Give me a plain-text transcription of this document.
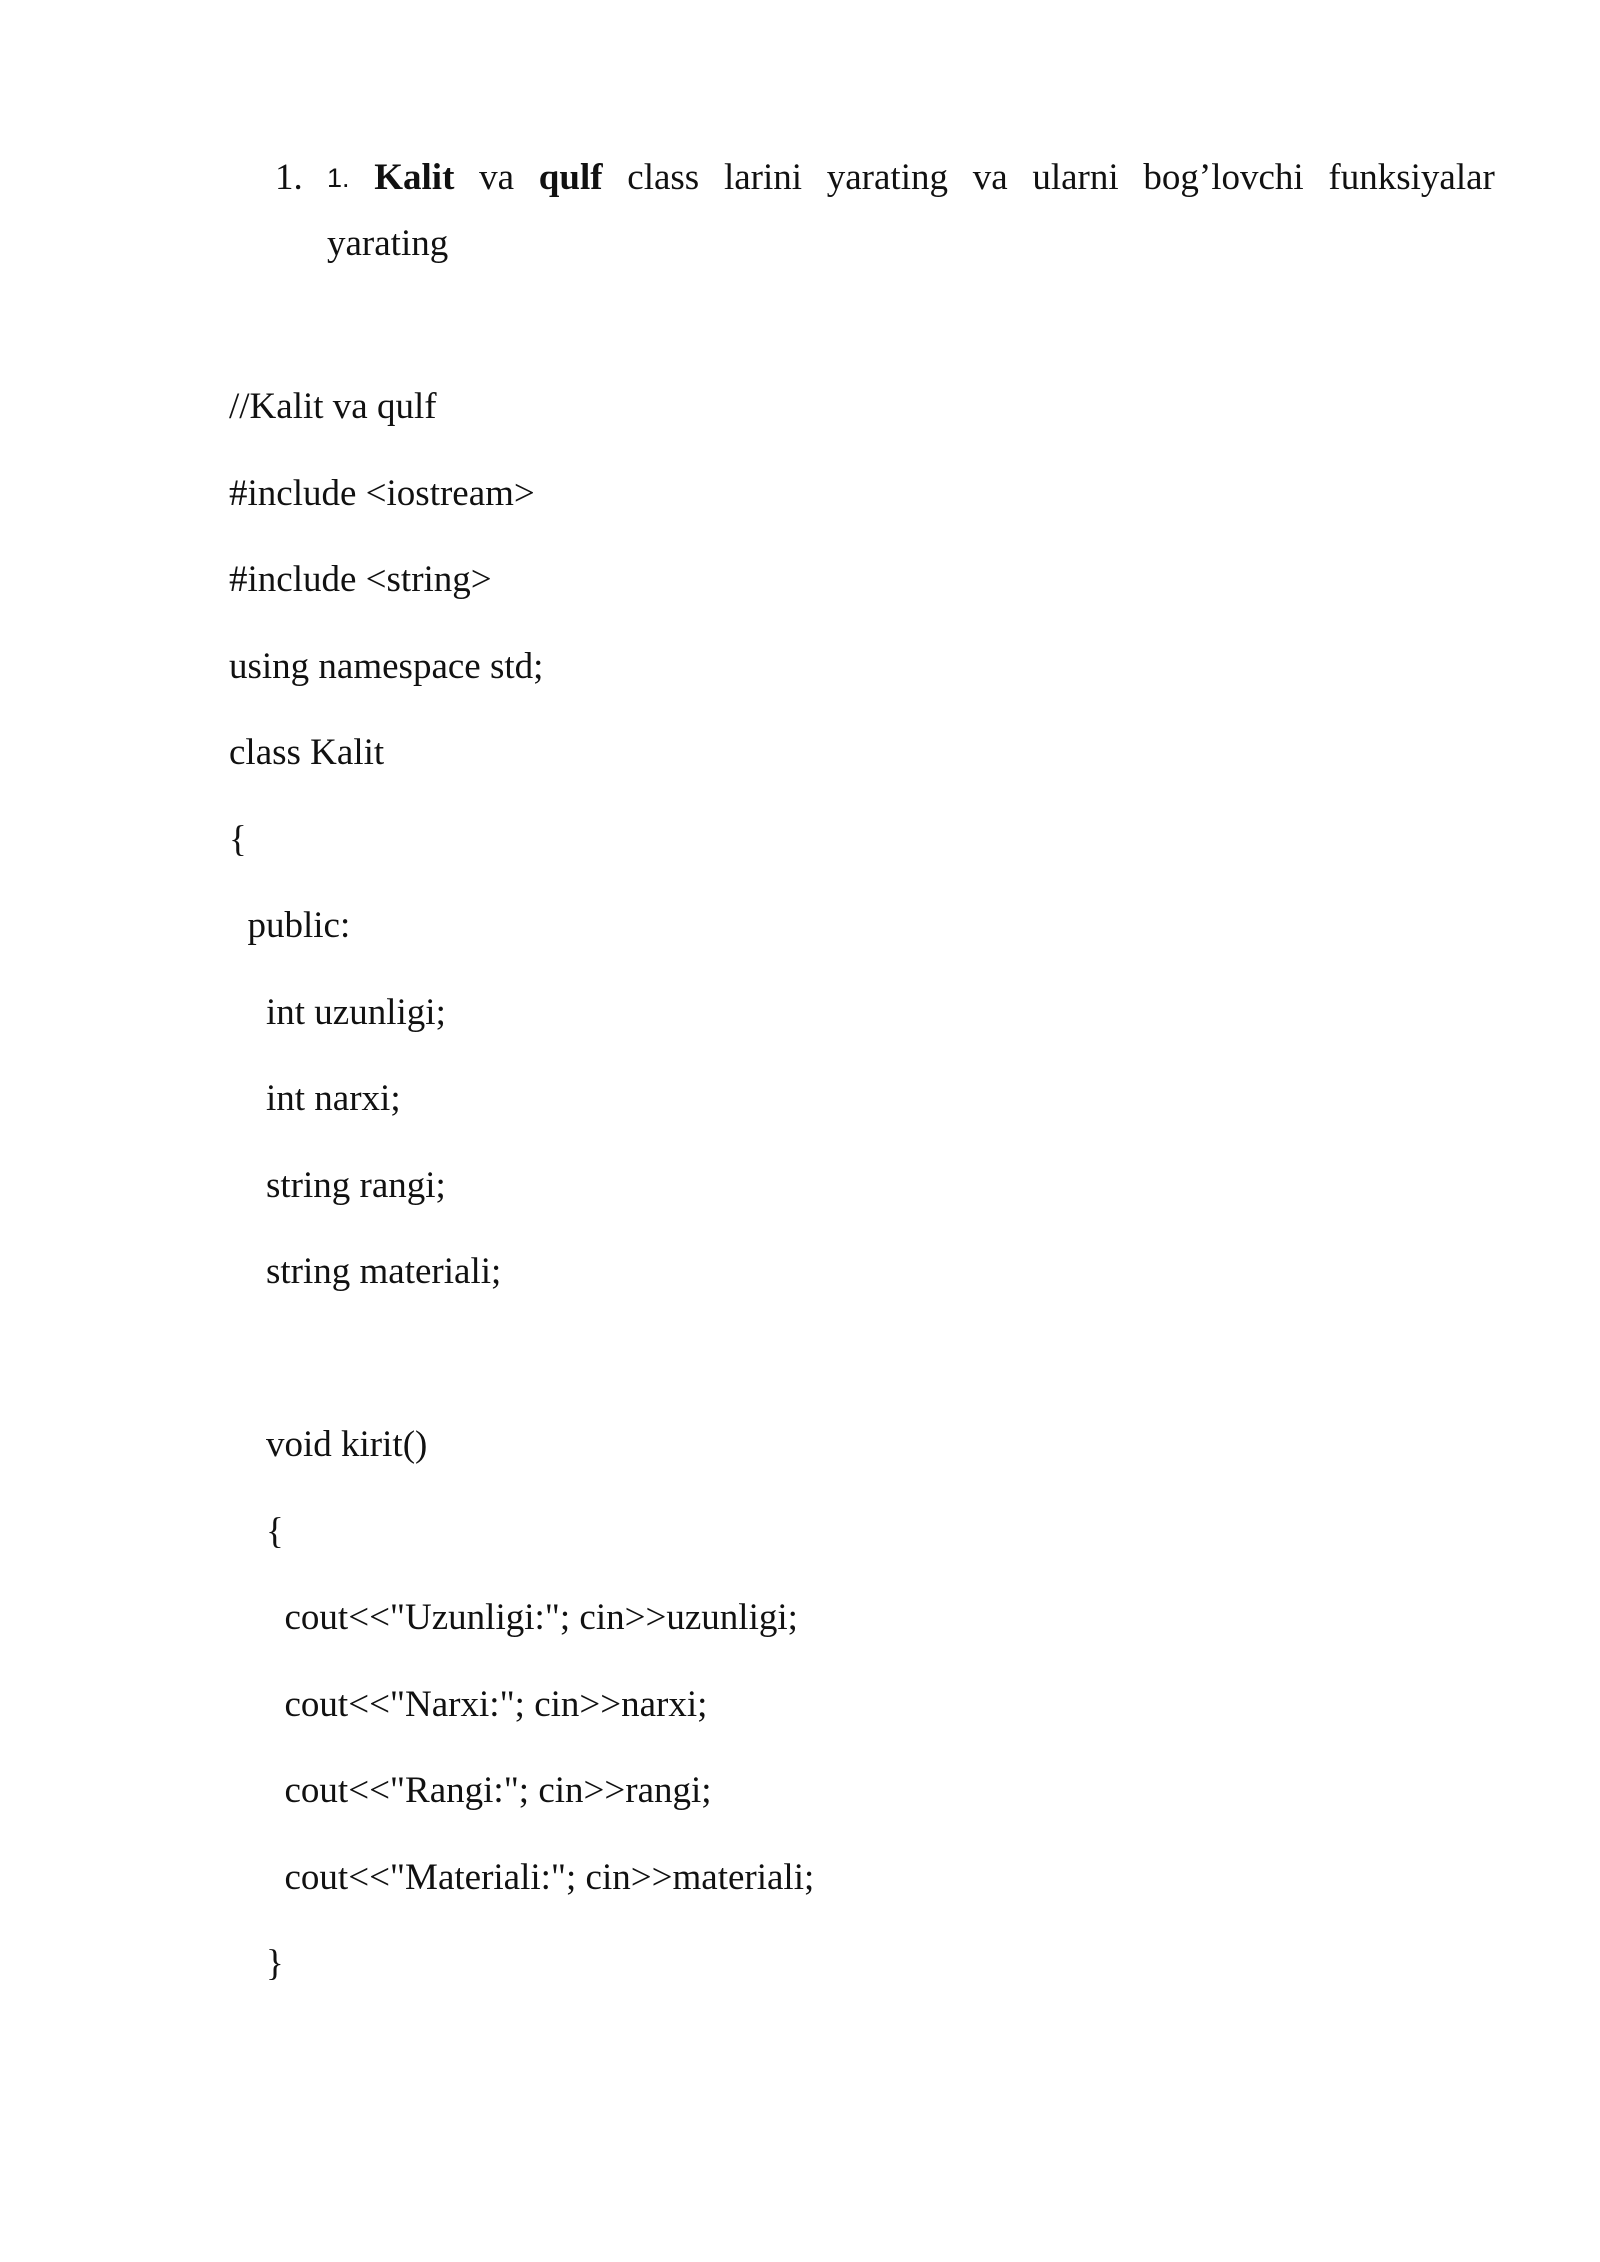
1. 1. Kalit va qulf class larini yarating va ularni bog’lovchi funksiyalar
yarating
//Kalit va qulf
#include <iostream>
#include <string>
using namespace std;
class Kalit
{
public:
int uzunligi;
int narxi;
string rangi;
string materiali;
void kirit()
{
cout<<"Uzunligi:"; cin>>uzunligi;
cout<<"Narxi:"; cin>>narxi;
cout<<"Rangi:"; cin>>rangi;
cout<<"Materiali:"; cin>>materiali;
}
